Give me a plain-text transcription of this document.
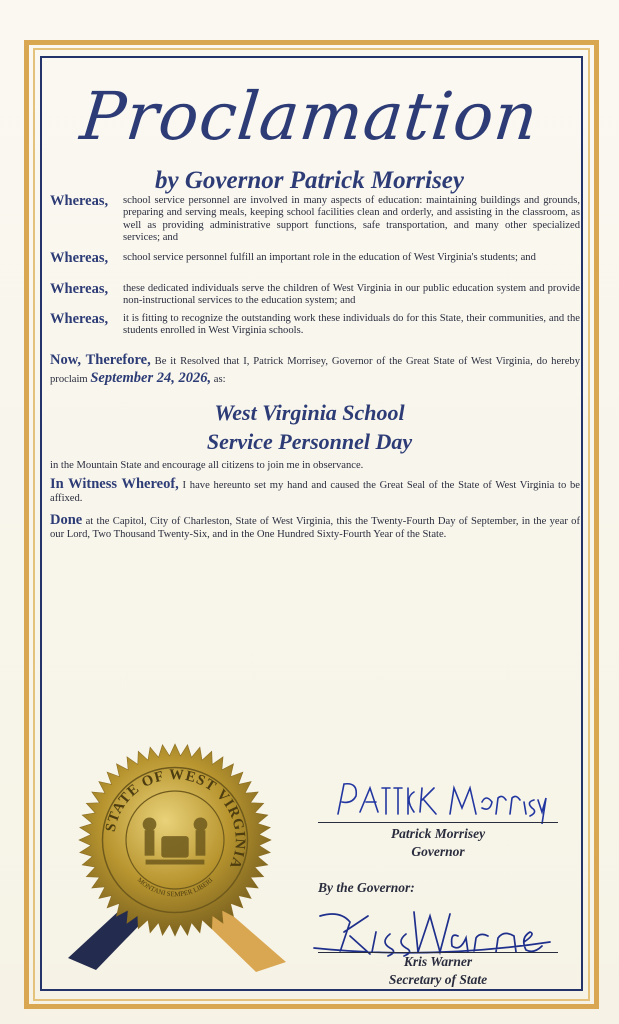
Proclamation
by Governor Patrick Morrisey
Whereas,	school service personnel are involved in many aspects of education: maintaining buildings and grounds, preparing and serving meals, keeping school facilities clean and orderly, and assisting in the classroom, as well as providing administrative support functions, safe transportation, and many other specialized services; and
Whereas,	school service personnel fulfill an important role in the education of West Virginia's students; and
Whereas,	these dedicated individuals serve the children of West Virginia in our public education system and provide non-instructional services to the education system; and
Whereas,	it is fitting to recognize the outstanding work these individuals do for this State, their communities, and the students enrolled in West Virginia schools.
Now, Therefore, Be it Resolved that I, Patrick Morrisey, Governor of the Great State of West Virginia, do hereby proclaim September 24, 2026, as:
West Virginia School
Service Personnel Day
in the Mountain State and encourage all citizens to join me in observance.
In Witness Whereof, I have hereunto set my hand and caused the Great Seal of the State of West Virginia to be affixed.
Done at the Capitol, City of Charleston, State of West Virginia, this the Twenty-Fourth Day of September, in the year of our Lord, Two Thousand Twenty-Six, and in the One Hundred Sixty-Fourth Year of the State.
STATE OF WEST VIRGINIA
MONTANI SEMPER LIBERI
Patrick Morrisey
Governor
By the Governor:
Kris Warner
Secretary of State
